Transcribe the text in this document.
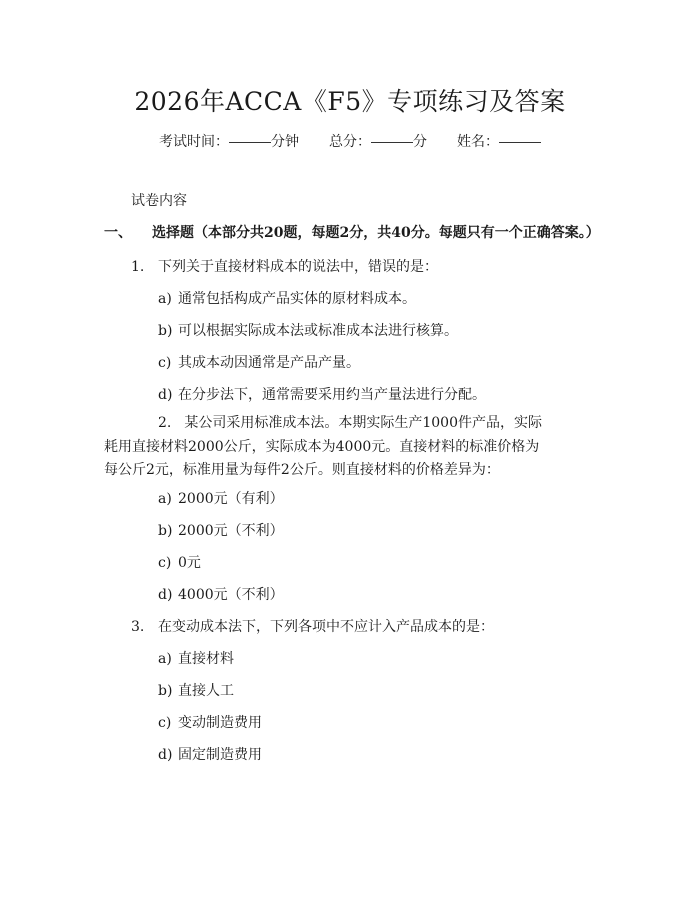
2026年ACCA《F5》专项练习及答案
考试时间：	分钟 总分：	分 姓名：
试卷内容
一、	选择题（本部分共20题，每题2分，共40分。每题只有一个正确答案。）
1. 下列关于直接材料成本的说法中，错误的是：
a) 通常包括构成产品实体的原材料成本。
b) 可以根据实际成本法或标准成本法进行核算。
c) 其成本动因通常是产品产量。
d) 在分步法下，通常需要采用约当产量法进行分配。
2. 某公司采用标准成本法。本期实际生产1000件产品，实际耗用直接材料2000公斤，实际成本为4000元。直接材料的标准价格为每公斤2元，标准用量为每件2公斤。则直接材料的价格差异为：
a) 2000元（有利）
b) 2000元（不利）
c) 0元
d) 4000元（不利）
3. 在变动成本法下，下列各项中不应计入产品成本的是：
a) 直接材料
b) 直接人工
c) 变动制造费用
d) 固定制造费用
